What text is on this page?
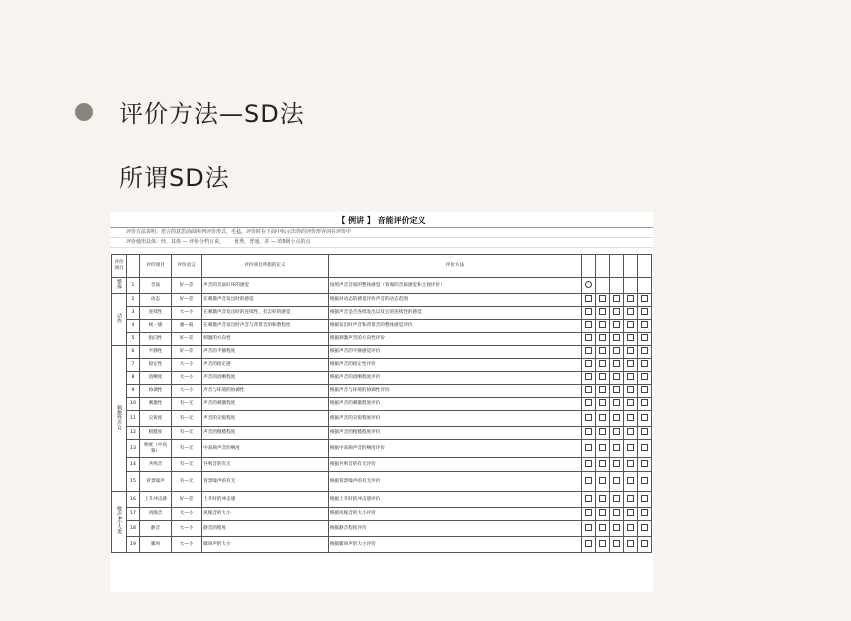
评价方法—SD法
所谓SD法
【 例讲 】 音能评价定义
评价方法说明：语言的意思前面所列评价形式，毛毡。评价时在下面中标示出你的评价形容词在评价中
评价使用具体：经，其体 — 评价分档言说， 优秀、普通、差 — 的5级小点的点
评价项目		评价项目	评价语言	评价项目所指的定义	评价方法					
整体	1	音质	好—差	声音的音质好坏的感觉	按照声音音质的整体感觉（客观的音质感觉和主观评价）					
动作	2	动态	好—差	在刺激声音发出时的感觉	根据对动态的感觉评价声音的动态范围					
	3	连续性	大—小	在刺激声音发出时的连续性、有怎样的感觉	根据声音是否连续发出以及它的连续性的感觉					
	4	统一感	强—弱	在刺激声音发出时声音与背景音的和谐程度	根据发出时声音和背景音的整体感觉评价					
	5	指向性	好—差	刺激的方向性	根据刺激声音的方向性评价					
刺激性声音	6	平静性	好—差	声音的平静程度	根据声音的平静感觉评价					
	7	稳定性	大—小	声音的稳定感	根据声音的稳定性评价					
	8	清晰度	大—小	声音的清晰程度	根据声音的清晰程度评价					
	9	协调性	大—小	声音与环境的协调性	根据声音与环境的协调性评价					
	10	刺激性	有—无	声音的刺激程度	根据声音的刺激程度评价					
	11	尖锐度	有—无	声音的尖锐程度	根据声音的尖锐程度评价					
	12	粗糙度	有—无	声音的粗糙程度	根据声音的粗糙程度评价					
	13	响度（中高频）	有—无	中高频声音的响度	根据中高频声音的响度评价					
	14	共鸣音	有—无	共鸣音的有无	根据共鸣音的有无评价					
	15	背景噪声	有—无	背景噪声的有无	根据背景噪声的有无评价					
噪声4小大类	16	上升冲击感	好—差	上升时的冲击感	根据上升时的冲击感评价					
	17	风噪音	大—小	风噪音的大小	根据风噪音的大小评价					
	18	静音	大—小	静音的程度	根据静音程度评价					
	19	啸叫	大—小	啸叫声的大小	根据啸叫声的大小评价					
